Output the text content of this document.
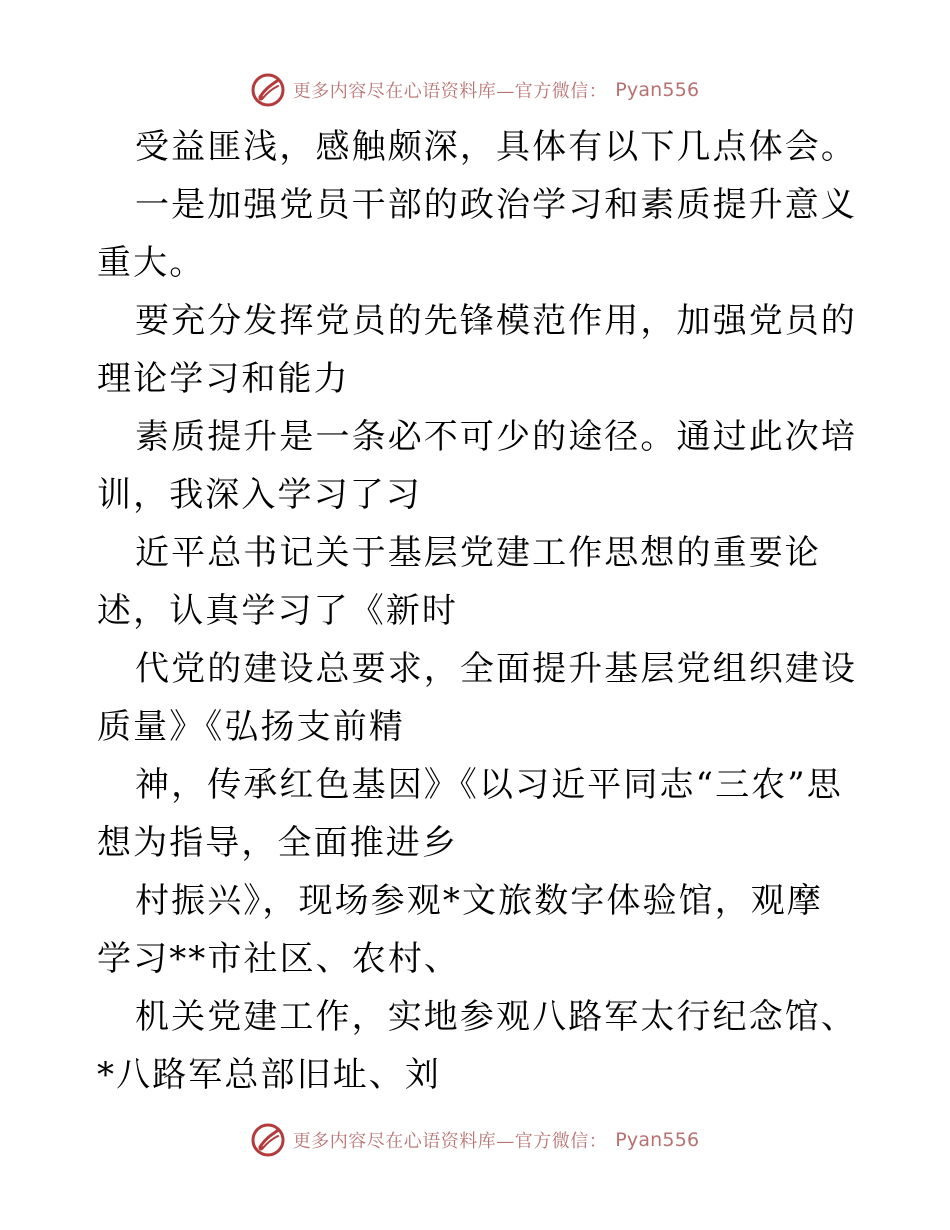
更多内容尽在心语资料库—官方微信： Pyan556

受益匪浅，感触颇深，具体有以下几点体会。

一是加强党员干部的政治学习和素质提升意义重大。

要充分发挥党员的先锋模范作用，加强党员的理论学习和能力

素质提升是一条必不可少的途径。通过此次培训，我深入学习了习

近平总书记关于基层党建工作思想的重要论述，认真学习了《新时

代党的建设总要求，全面提升基层党组织建设质量》《弘扬支前精

神，传承红色基因》《以习近平同志“三农”思想为指导，全面推进乡

村振兴》，现场参观*文旅数字体验馆，观摩学习**市社区、农村、

机关党建工作，实地参观八路军太行纪念馆、*八路军总部旧址、刘

更多内容尽在心语资料库—官方微信： Pyan556
